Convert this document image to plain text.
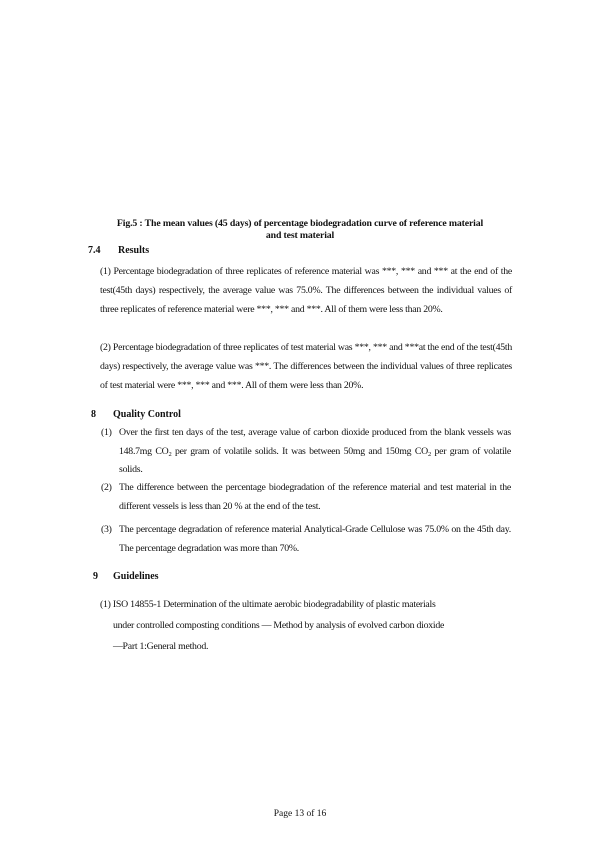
Fig.5 : The mean values (45 days) of percentage biodegradation curve of reference material
and test material
7.4 Results
(1) Percentage biodegradation of three replicates of reference material was ***, *** and *** at the end of the test(45th days) respectively, the average value was 75.0%. The differences between the individual values of three replicates of reference material were ***, *** and ***. All of them were less than 20%.
(2) Percentage biodegradation of three replicates of test material was ***, *** and ***at the end of the test(45th days) respectively, the average value was ***. The differences between the individual values of three replicates of test material were ***, *** and ***. All of them were less than 20%.
8 Quality Control
(1) Over the first ten days of the test, average value of carbon dioxide produced from the blank vessels was 148.7mg $CO_2$ per gram of volatile solids. It was between 50mg and 150mg $CO_2$ per gram of volatile solids.
(2) The difference between the percentage biodegradation of the reference material and test material in the different vessels is less than 20 % at the end of the test.
(3) The percentage degradation of reference material Analytical-Grade Cellulose was 75.0% on the 45th day. The percentage degradation was more than 70%.
9 Guidelines
(1) ISO 14855-1 Determination of the ultimate aerobic biodegradability of plastic materials
under controlled composting conditions — Method by analysis of evolved carbon dioxide
—Part 1:General method.
Page 13 of 16
